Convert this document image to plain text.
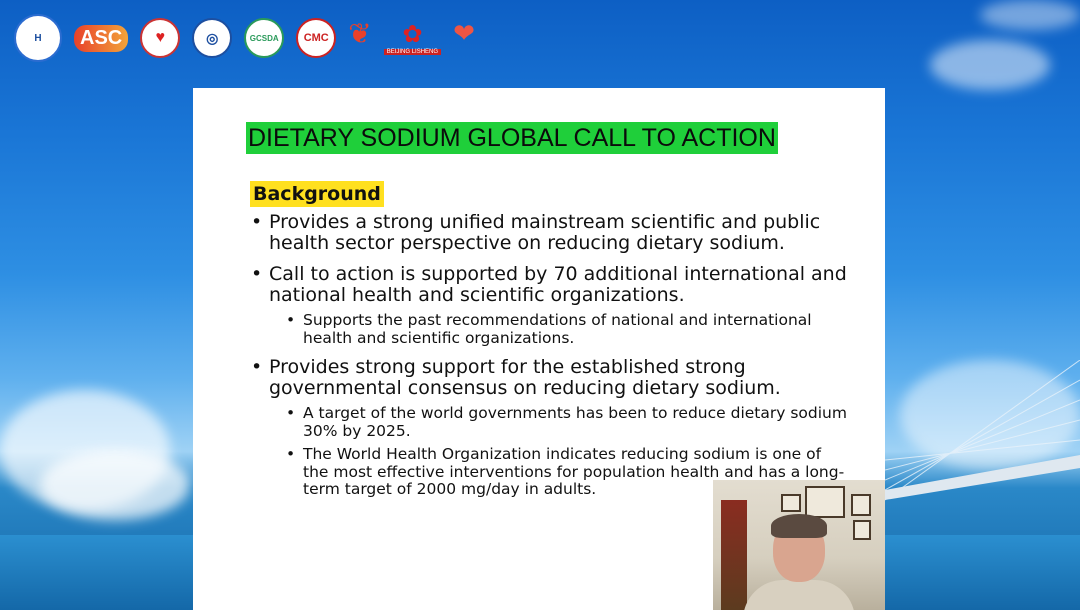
H	ASC	♥	◎	GCSDA	CMC ❦
✿
BEIJING LISHENG
❤

DIETARY SODIUM GLOBAL CALL TO ACTION
Background
• Provides a strong unified mainstream scientific and public health sector perspective on reducing dietary sodium.
• Call to action is supported by 70 additional international and national health and scientific organizations.
• Supports the past recommendations of national and international health and scientific organizations.
• Provides strong support for the established strong governmental consensus on reducing dietary sodium.
• A target of the world governments has been to reduce dietary sodium 30% by 2025.
• The World Health Organization indicates reducing sodium is one of the most effective interventions for population health and has a long-term target of 2000 mg/day in adults.
